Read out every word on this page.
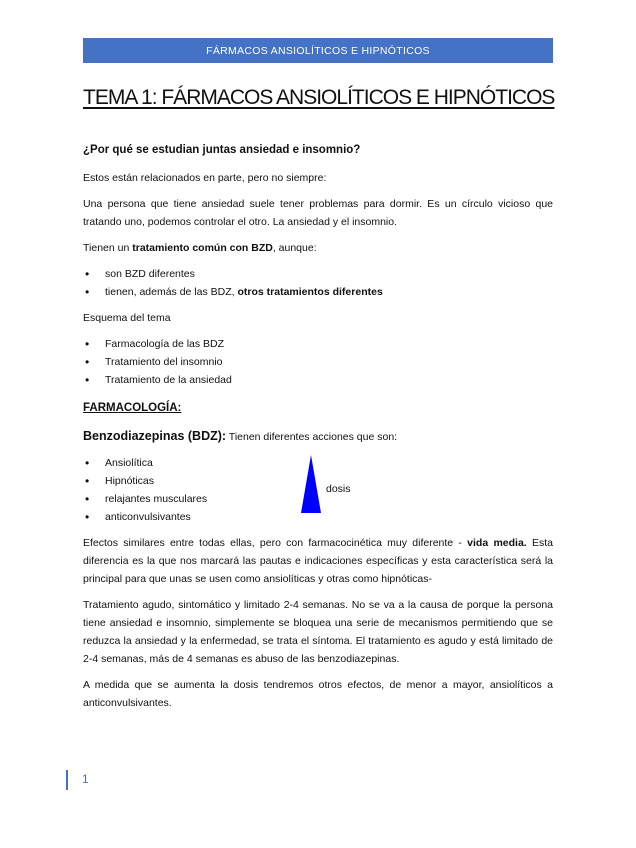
FÁRMACOS ANSIOLÍTICOS E HIPNÓTICOS
TEMA 1: FÁRMACOS ANSIOLÍTICOS E HIPNÓTICOS

¿Por qué se estudian juntas ansiedad e insomnio?

Estos están relacionados en parte, pero no siempre:

Una persona que tiene ansiedad suele tener problemas para dormir. Es un círculo vicioso que tratando uno, podemos controlar el otro. La ansiedad y el insomnio.

Tienen un tratamiento común con BZD, aunque:

• son BZD diferentes
• tienen, además de las BDZ, otros tratamientos diferentes

Esquema del tema

• Farmacología de las BDZ
• Tratamiento del insomnio
• Tratamiento de la ansiedad

FARMACOLOGÍA:

Benzodiazepinas (BDZ): Tienen diferentes acciones que son:

• Ansiolítica
• Hipnóticas
• relajantes musculares
• anticonvulsivantes
dosis

Efectos similares entre todas ellas, pero con farmacocinética muy diferente - vida media. Esta diferencia es la que nos marcará las pautas e indicaciones específicas y esta característica será la principal para que unas se usen como ansiolíticas y otras como hipnóticas-

Tratamiento agudo, sintomático y limitado 2-4 semanas. No se va a la causa de porque la persona tiene ansiedad e insomnio, simplemente se bloquea una serie de mecanismos permitiendo que se reduzca la ansiedad y la enfermedad, se trata el síntoma. El tratamiento es agudo y está limitado de 2-4 semanas, más de 4 semanas es abuso de las benzodiazepinas.

A medida que se aumenta la dosis tendremos otros efectos, de menor a mayor, ansiolíticos a anticonvulsivantes.

1
